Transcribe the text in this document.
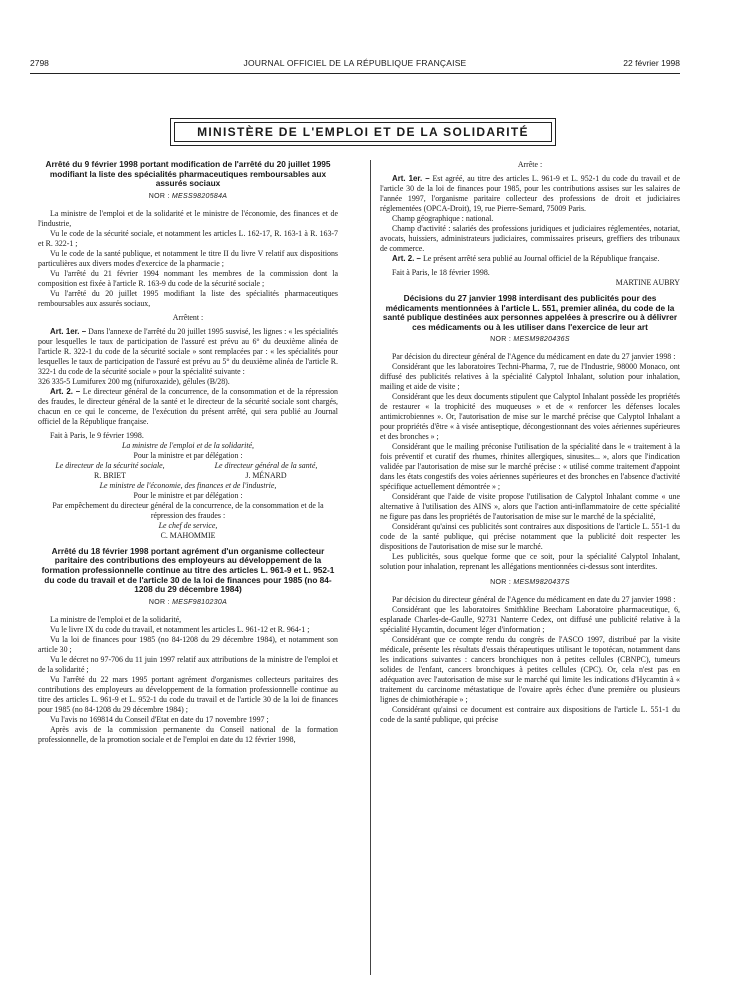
2798	JOURNAL OFFICIEL DE LA RÉPUBLIQUE FRANÇAISE	22 février 1998
MINISTÈRE DE L'EMPLOI ET DE LA SOLIDARITÉ
Arrêté du 9 février 1998 portant modification de l'arrêté du 20 juillet 1995 modifiant la liste des spécialités pharmaceutiques remboursables aux assurés sociaux
NOR : MESS9820584A

La ministre de l'emploi et de la solidarité et le ministre de l'économie, des finances et de l'industrie,

Vu le code de la sécurité sociale, et notamment les articles L. 162-17, R. 163-1 à R. 163-7 et R. 322-1 ;

Vu le code de la santé publique, et notamment le titre II du livre V relatif aux dispositions particulières aux divers modes d'exercice de la pharmacie ;

Vu l'arrêté du 21 février 1994 nommant les membres de la commission dont la composition est fixée à l'article R. 163-9 du code de la sécurité sociale ;

Vu l'arrêté du 20 juillet 1995 modifiant la liste des spécialités pharmaceutiques remboursables aux assurés sociaux,

Arrêtent :

Art. 1er. – Dans l'annexe de l'arrêté du 20 juillet 1995 susvisé, les lignes : « les spécialités pour lesquelles le taux de participation de l'assuré est prévu au 6° du deuxième alinéa de l'article R. 322-1 du code de la sécurité sociale » sont remplacées par : « les spécialités pour lesquelles le taux de participation de l'assuré est prévu au 5° du deuxième alinéa de l'article R. 322-1 du code de la sécurité sociale » pour la spécialité suivante :

326 335-5 Lumifurex 200 mg (nifuroxazide), gélules (B/28).

Art. 2. – Le directeur général de la concurrence, de la consommation et de la répression des fraudes, le directeur général de la santé et le directeur de la sécurité sociale sont chargés, chacun en ce qui le concerne, de l'exécution du présent arrêté, qui sera publié au Journal officiel de la République française.

Fait à Paris, le 9 février 1998.

La ministre de l'emploi et de la solidarité,

Pour la ministre et par délégation :

Le directeur de la sécurité sociale,
R. BRIET
Le directeur général de la santé,
J. MÉNARD

Le ministre de l'économie, des finances et de l'industrie,

Pour le ministre et par délégation :

Par empêchement du directeur général de la concurrence, de la consommation et de la répression des fraudes :

Le chef de service,

C. MAHOMMIE

Arrêté du 18 février 1998 portant agrément d'un organisme collecteur paritaire des contributions des employeurs au développement de la formation professionnelle continue au titre des articles L. 961-9 et L. 952-1 du code du travail et de l'article 30 de la loi de finances pour 1985 (no 84-1208 du 29 décembre 1984)
NOR : MESF9810230A

La ministre de l'emploi et de la solidarité,

Vu le livre IX du code du travail, et notamment les articles L. 961-12 et R. 964-1 ;

Vu la loi de finances pour 1985 (no 84-1208 du 29 décembre 1984), et notamment son article 30 ;

Vu le décret no 97-706 du 11 juin 1997 relatif aux attributions de la ministre de l'emploi et de la solidarité ;

Vu l'arrêté du 22 mars 1995 portant agrément d'organismes collecteurs paritaires des contributions des employeurs au développement de la formation professionnelle continue au titre des articles L. 961-9 et L. 952-1 du code du travail et de l'article 30 de la loi de finances pour 1985 (no 84-1208 du 29 décembre 1984) ;

Vu l'avis no 169814 du Conseil d'Etat en date du 17 novembre 1997 ;

Après avis de la commission permanente du Conseil national de la formation professionnelle, de la promotion sociale et de l'emploi en date du 12 février 1998,

Arrête :

Art. 1er. – Est agréé, au titre des articles L. 961-9 et L. 952-1 du code du travail et de l'article 30 de la loi de finances pour 1985, pour les contributions assises sur les salaires de l'année 1997, l'organisme paritaire collecteur des professions de droit et judiciaires réglementées (OPCA-Droit), 19, rue Pierre-Semard, 75009 Paris.

Champ géographique : national.

Champ d'activité : salariés des professions juridiques et judiciaires réglementées, notariat, avocats, huissiers, administrateurs judiciaires, commissaires priseurs, greffiers des tribunaux de commerce.

Art. 2. – Le présent arrêté sera publié au Journal officiel de la République française.

Fait à Paris, le 18 février 1998.

MARTINE AUBRY

Décisions du 27 janvier 1998 interdisant des publicités pour des médicaments mentionnées à l'article L. 551, premier alinéa, du code de la santé publique destinées aux personnes appelées à prescrire ou à délivrer ces médicaments ou à les utiliser dans l'exercice de leur art
NOR : MESM9820436S

Par décision du directeur général de l'Agence du médicament en date du 27 janvier 1998 :

Considérant que les laboratoires Techni-Pharma, 7, rue de l'Industrie, 98000 Monaco, ont diffusé des publicités relatives à la spécialité Calyptol Inhalant, solution pour inhalation, mailing et aide de visite ;

Considérant que les deux documents stipulent que Calyptol Inhalant possède les propriétés de restaurer « la trophicité des muqueuses » et de « renforcer les défenses locales antimicrobiennes ». Or, l'autorisation de mise sur le marché précise que Calyptol Inhalant a pour propriétés d'être « à visée antiseptique, décongestionnant des voies aériennes supérieures et des bronches » ;

Considérant que le mailing préconise l'utilisation de la spécialité dans le « traitement à la fois préventif et curatif des rhumes, rhinites allergiques, sinusites... », alors que l'indication validée par l'autorisation de mise sur le marché précise : « utilisé comme traitement d'appoint dans les états congestifs des voies aériennes supérieures et des bronches en l'absence d'activité spécifique actuellement démontrée » ;

Considérant que l'aide de visite propose l'utilisation de Calyptol Inhalant comme « une alternative à l'utilisation des AINS », alors que l'action anti-inflammatoire de cette spécialité ne figure pas dans les propriétés de l'autorisation de mise sur le marché de la spécialité,

Considérant qu'ainsi ces publicités sont contraires aux dispositions de l'article L. 551-1 du code de la santé publique, qui précise notamment que la publicité doit respecter les dispositions de l'autorisation de mise sur le marché.

Les publicités, sous quelque forme que ce soit, pour la spécialité Calyptol Inhalant, solution pour inhalation, reprenant les allégations mentionnées ci-dessus sont interdites.

NOR : MESM9820437S

Par décision du directeur général de l'Agence du médicament en date du 27 janvier 1998 :

Considérant que les laboratoires Smithkline Beecham Laboratoire pharmaceutique, 6, esplanade Charles-de-Gaulle, 92731 Nanterre Cedex, ont diffusé une publicité relative à la spécialité Hycamtin, document léger d'information ;

Considérant que ce compte rendu du congrès de l'ASCO 1997, distribué par la visite médicale, présente les résultats d'essais thérapeutiques utilisant le topotécan, notamment dans les indications suivantes : cancers bronchiques non à petites cellules (CBNPC), tumeurs solides de l'enfant, cancers bronchiques à petites cellules (CPC). Or, cela n'est pas en adéquation avec l'autorisation de mise sur le marché qui limite les indications d'Hycamtin à « traitement du carcinome métastatique de l'ovaire après échec d'une première ou plusieurs lignes de chimiothérapie » ;

Considérant qu'ainsi ce document est contraire aux dispositions de l'article L. 551-1 du code de la santé publique, qui précise
